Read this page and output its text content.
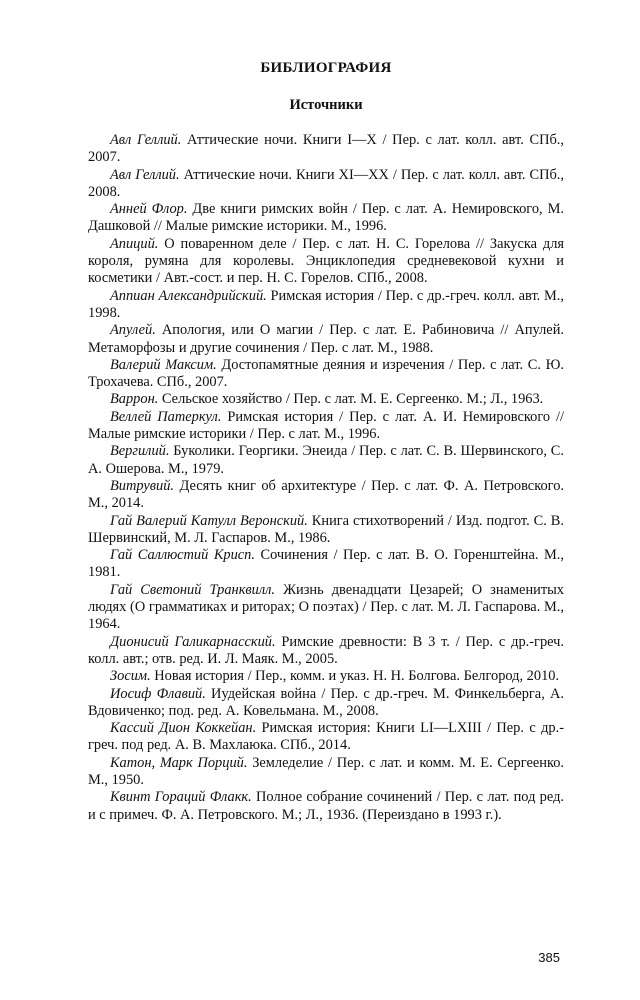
БИБЛИОГРАФИЯ
Источники

Авл Геллий. Аттические ночи. Книги I—X / Пер. с лат. колл. авт. СПб., 2007.

Авл Геллий. Аттические ночи. Книги XI—XX / Пер. с лат. колл. авт. СПб., 2008.

Анней Флор. Две книги римских войн / Пер. с лат. А. Немировского, М. Дашковой // Малые римские историки. М., 1996.

Апиций. О поваренном деле / Пер. с лат. Н. С. Горелова // Закуска для короля, румяна для королевы. Энциклопедия средневековой кухни и косметики / Авт.-сост. и пер. Н. С. Горелов. СПб., 2008.

Аппиан Александрийский. Римская история / Пер. с др.-греч. колл. авт. М., 1998.

Апулей. Апология, или О магии / Пер. с лат. Е. Рабиновича // Апулей. Метаморфозы и другие сочинения / Пер. с лат. М., 1988.

Валерий Максим. Достопамятные деяния и изречения / Пер. с лат. С. Ю. Трохачева. СПб., 2007.

Варрон. Сельское хозяйство / Пер. с лат. М. Е. Сергеенко. М.; Л., 1963.

Веллей Патеркул. Римская история / Пер. с лат. А. И. Немировского // Малые римские историки / Пер. с лат. М., 1996.

Вергилий. Буколики. Георгики. Энеида / Пер. с лат. С. В. Шервинского, С. А. Ошерова. М., 1979.

Витрувий. Десять книг об архитектуре / Пер. с лат. Ф. А. Петровского. М., 2014.

Гай Валерий Катулл Веронский. Книга стихотворений / Изд. подгот. С. В. Шервинский, М. Л. Гаспаров. М., 1986.

Гай Саллюстий Крисп. Сочинения / Пер. с лат. В. О. Горенштейна. М., 1981.

Гай Светоний Транквилл. Жизнь двенадцати Цезарей; О знаменитых людях (О грамматиках и риторах; О поэтах) / Пер. с лат. М. Л. Гаспарова. М., 1964.

Дионисий Галикарнасский. Римские древности: В 3 т. / Пер. с др.-греч. колл. авт.; отв. ред. И. Л. Маяк. М., 2005.

Зосим. Новая история / Пер., комм. и указ. Н. Н. Болгова. Белгород, 2010.

Иосиф Флавий. Иудейская война / Пер. с др.-греч. М. Финкельберга, А. Вдовиченко; под. ред. А. Ковельмана. М., 2008.

Кассий Дион Коккейан. Римская история: Книги LI—LXIII / Пер. с др.-греч. под ред. А. В. Махлаюка. СПб., 2014.

Катон, Марк Порций. Земледелие / Пер. с лат. и комм. М. Е. Сергеенко. М., 1950.

Квинт Гораций Флакк. Полное собрание сочинений / Пер. с лат. под ред. и с примеч. Ф. А. Петровского. М.; Л., 1936. (Переиздано в 1993 г.).

385
